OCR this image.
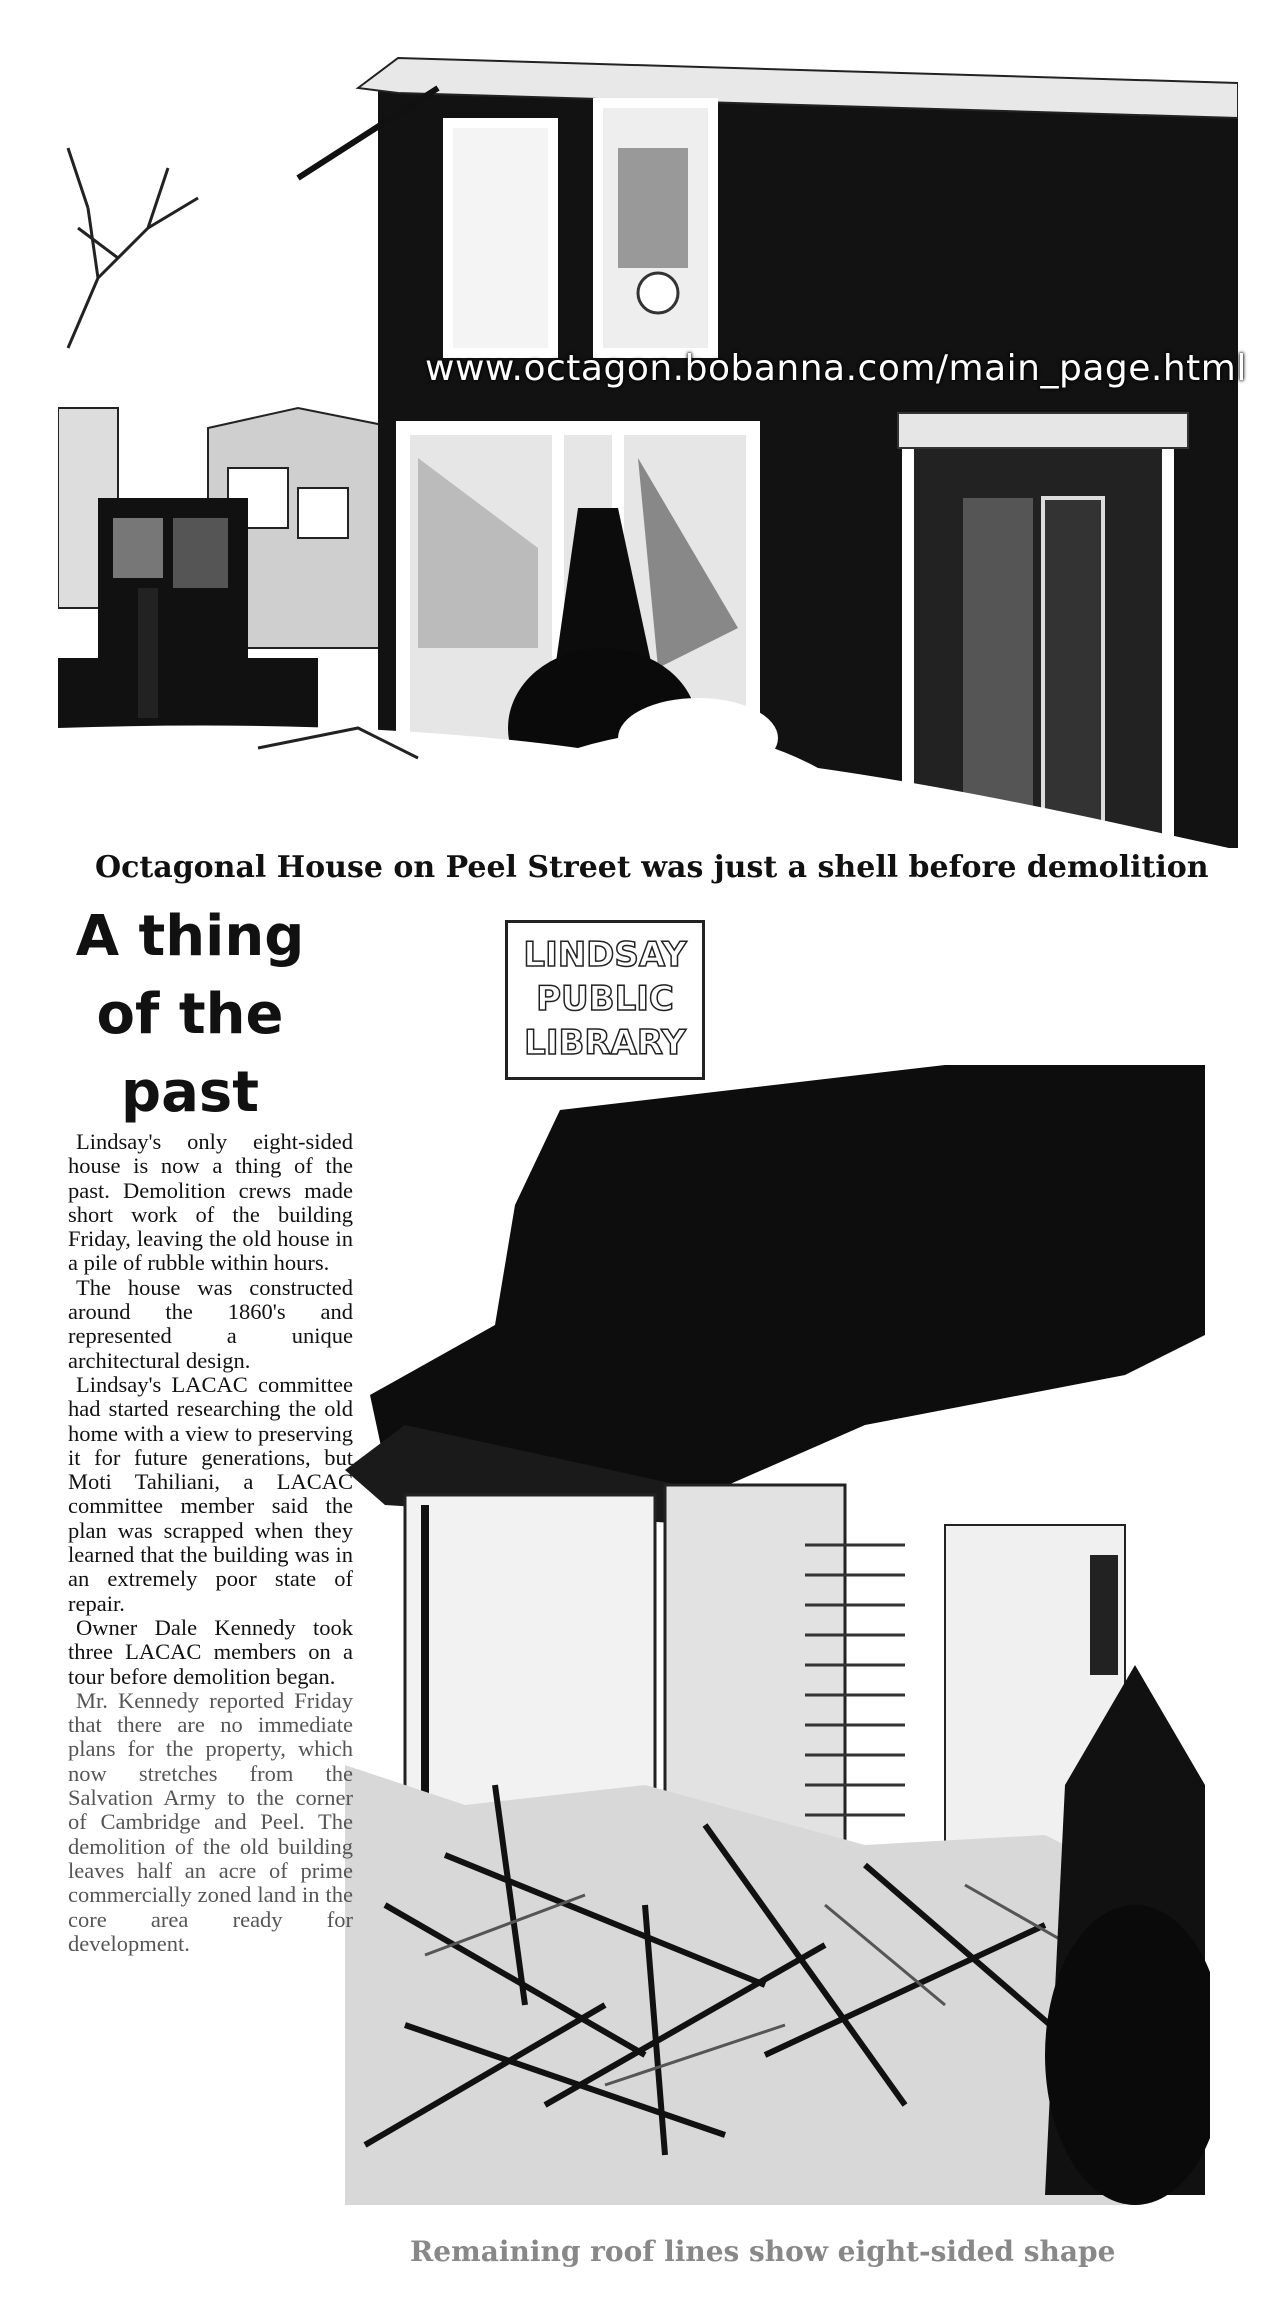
www.octagon.bobanna.com/main_page.html
Octagonal House on Peel Street was just a shell before demolition
A thing
of the
past
LINDSAY
PUBLIC
LIBRARY

Lindsay's only eight-sided house is now a thing of the past. Demolition crews made short work of the building Friday, leaving the old house in a pile of rubble within hours.

The house was constructed around the 1860's and represented a unique architectural design.

Lindsay's LACAC committee had started researching the old home with a view to preserving it for future generations, but Moti Tahiliani, a LACAC committee member said the plan was scrapped when they learned that the building was in an extremely poor state of repair.

Owner Dale Kennedy took three LACAC members on a tour before demolition began.

Mr. Kennedy reported Friday that there are no immediate plans for the property, which now stretches from the Salvation Army to the corner of Cambridge and Peel. The demolition of the old building leaves half an acre of prime commercially zoned land in the core area ready for development.

Remaining roof lines show eight-sided shape
